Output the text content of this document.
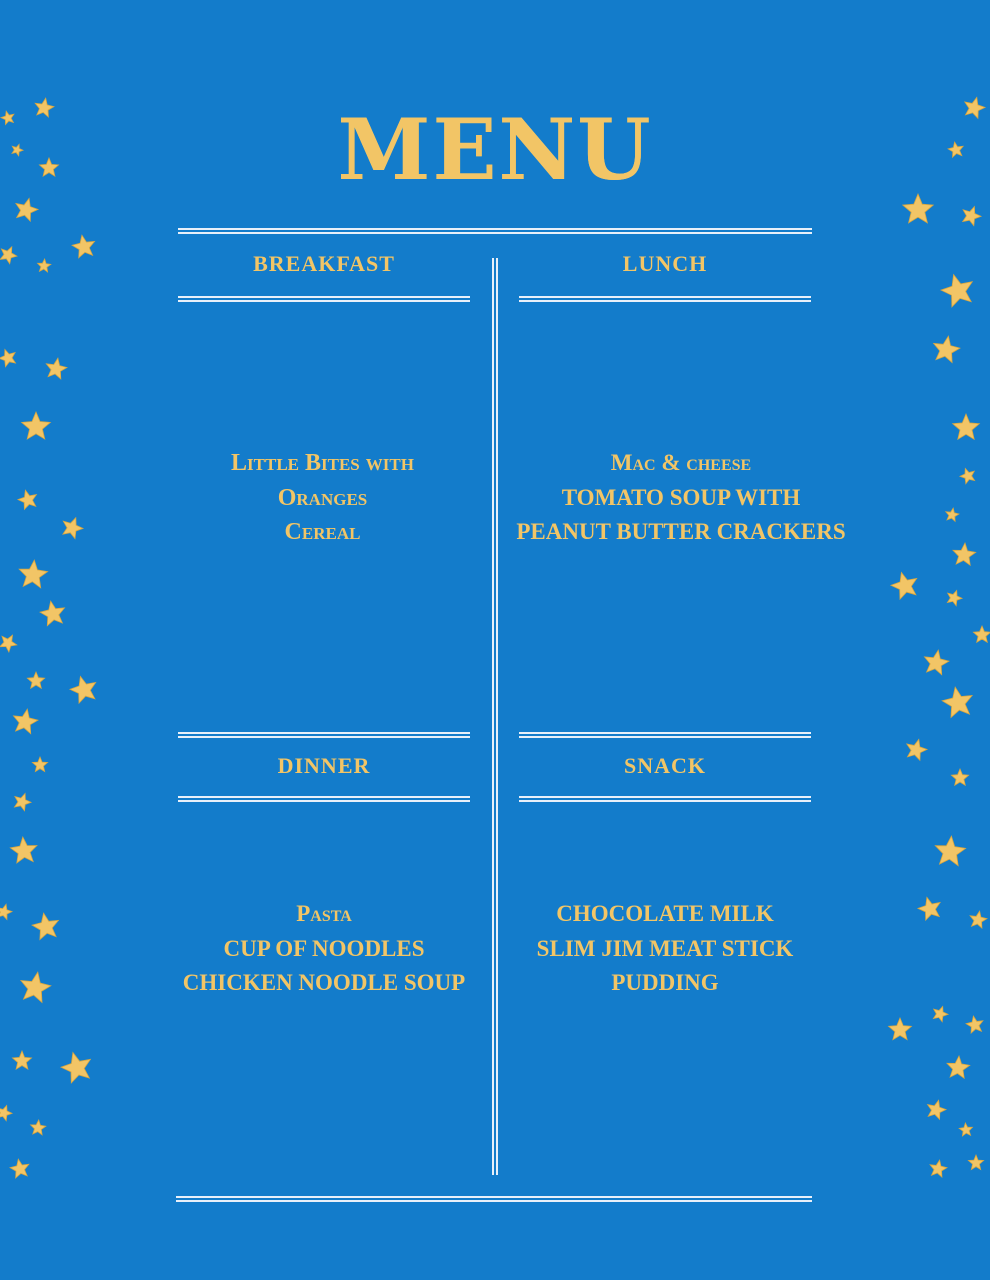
MENU
BREAKFAST
Little Bites with
Oranges
Cereal
LUNCH
Mac & cheese
TOMATO SOUP WITH
PEANUT BUTTER CRACKERS
DINNER
Pasta
CUP OF NOODLES
CHICKEN NOODLE SOUP
SNACK
CHOCOLATE MILK
SLIM JIM MEAT STICK
PUDDING
